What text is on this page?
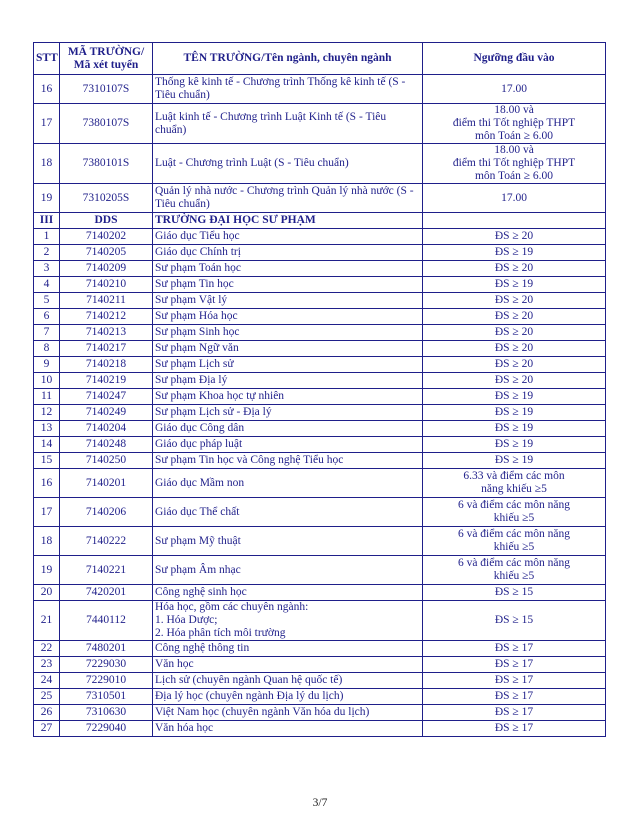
STT	MÃ TRƯỜNG/
Mã xét tuyển	TÊN TRƯỜNG/Tên ngành, chuyên ngành	Ngưỡng đầu vào

16	7310107S	Thống kê kinh tế - Chương trình Thống kê kinh tế (S -
Tiêu chuẩn)	17.00

17	7380107S	Luật kinh tế - Chương trình Luật Kinh tế (S - Tiêu chuẩn)	18.00 và
điểm thi Tốt nghiệp THPT
môn Toán ≥ 6.00

18	7380101S	Luật - Chương trình Luật (S - Tiêu chuẩn)	18.00 và
điểm thi Tốt nghiệp THPT
môn Toán ≥ 6.00

19	7310205S	Quản lý nhà nước - Chương trình Quản lý nhà nước (S -
Tiêu chuẩn)	17.00

III	DDS	TRƯỜNG ĐẠI HỌC SƯ PHẠM	

1	7140202	Giáo dục Tiểu học	ĐS ≥ 20

2	7140205	Giáo dục Chính trị	ĐS ≥ 19

3	7140209	Sư phạm Toán học	ĐS ≥ 20

4	7140210	Sư phạm Tin học	ĐS ≥ 19

5	7140211	Sư phạm Vật lý	ĐS ≥ 20

6	7140212	Sư phạm Hóa học	ĐS ≥ 20

7	7140213	Sư phạm Sinh học	ĐS ≥ 20

8	7140217	Sư phạm Ngữ văn	ĐS ≥ 20

9	7140218	Sư phạm Lịch sử	ĐS ≥ 20

10	7140219	Sư phạm Địa lý	ĐS ≥ 20

11	7140247	Sư phạm Khoa học tự nhiên	ĐS ≥ 19

12	7140249	Sư phạm Lịch sử - Địa lý	ĐS ≥ 19

13	7140204	Giáo dục Công dân	ĐS ≥ 19

14	7140248	Giáo dục pháp luật	ĐS ≥ 19

15	7140250	Sư phạm Tin học và Công nghệ Tiểu học	ĐS ≥ 19

16	7140201	Giáo dục Mầm non	6.33 và điểm các môn
năng khiếu ≥5

17	7140206	Giáo dục Thể chất	6 và điểm các môn năng
khiếu ≥5

18	7140222	Sư phạm Mỹ thuật	6 và điểm các môn năng
khiếu ≥5

19	7140221	Sư phạm Âm nhạc	6 và điểm các môn năng
khiếu ≥5

20	7420201	Công nghệ sinh học	ĐS ≥ 15

21	7440112	Hóa học, gồm các chuyên ngành:
1. Hóa Dược;
2. Hóa phân tích môi trường	ĐS ≥ 15

22	7480201	Công nghệ thông tin	ĐS ≥ 17

23	7229030	Văn học	ĐS ≥ 17

24	7229010	Lịch sử (chuyên ngành Quan hệ quốc tế)	ĐS ≥ 17

25	7310501	Địa lý học (chuyên ngành Địa lý du lịch)	ĐS ≥ 17

26	7310630	Việt Nam học (chuyên ngành Văn hóa du lịch)	ĐS ≥ 17

27	7229040	Văn hóa học	ĐS ≥ 17
3/7
